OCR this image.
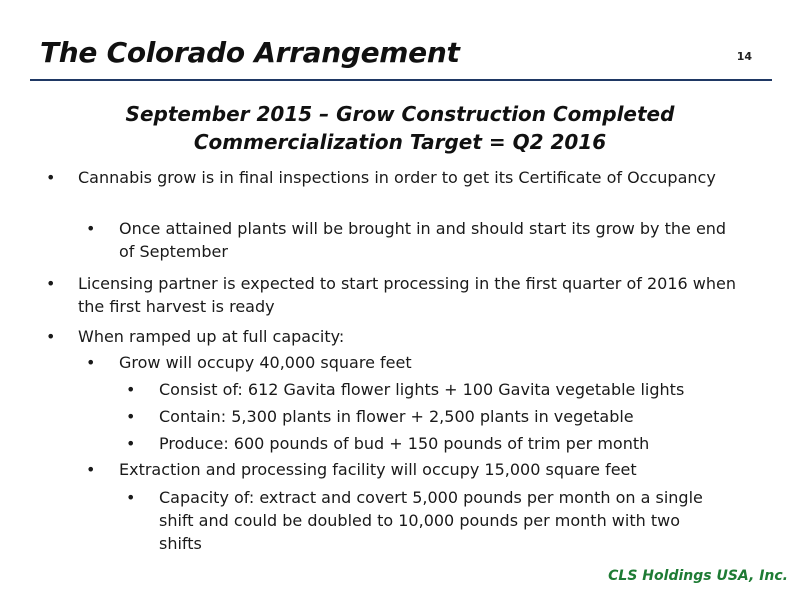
The Colorado Arrangement	14
September 2015 – Grow Construction Completed
Commercialization Target = Q2 2016
• Cannabis grow is in final inspections in order to get its Certificate of Occupancy
• Once attained plants will be brought in and should start its grow by the end of September
• Licensing partner is expected to start processing in the first quarter of 2016 when the first harvest is ready
• When ramped up at full capacity:
• Grow will occupy 40,000 square feet
• Consist of: 612 Gavita flower lights + 100 Gavita vegetable lights
• Contain: 5,300 plants in flower + 2,500 plants in vegetable
• Produce: 600 pounds of bud + 150 pounds of trim per month
• Extraction and processing facility will occupy 15,000 square feet
• Capacity of: extract and covert 5,000 pounds per month on a single shift and could be doubled to 10,000 pounds per month with two shifts
CLS Holdings USA, Inc.
